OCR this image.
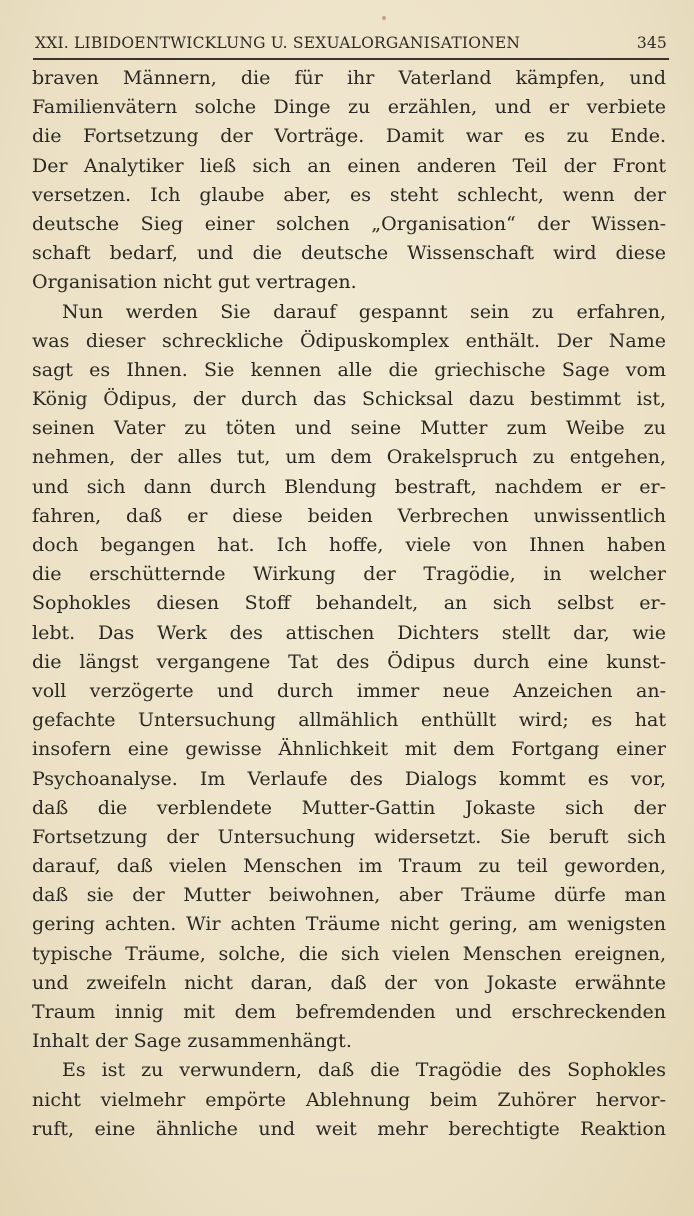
XXI. LIBIDOENTWICKLUNG U. SEXUALORGANISATIONEN	345
braven Männern, die für ihr Vaterland kämpfen, und
Familienvätern solche Dinge zu erzählen, und er verbiete
die Fortsetzung der Vorträge. Damit war es zu Ende.
Der Analytiker ließ sich an einen anderen Teil der Front
versetzen. Ich glaube aber, es steht schlecht, wenn der
deutsche Sieg einer solchen „Organisation“ der Wissen-
schaft bedarf, und die deutsche Wissenschaft wird diese
Organisation nicht gut vertragen.
Nun werden Sie darauf gespannt sein zu erfahren,
was dieser schreckliche Ödipuskomplex enthält. Der Name
sagt es Ihnen. Sie kennen alle die griechische Sage vom
König Ödipus, der durch das Schicksal dazu bestimmt ist,
seinen Vater zu töten und seine Mutter zum Weibe zu
nehmen, der alles tut, um dem Orakelspruch zu entgehen,
und sich dann durch Blendung bestraft, nachdem er er-
fahren, daß er diese beiden Verbrechen unwissentlich
doch begangen hat. Ich hoffe, viele von Ihnen haben
die erschütternde Wirkung der Tragödie, in welcher
Sophokles diesen Stoff behandelt, an sich selbst er-
lebt. Das Werk des attischen Dichters stellt dar, wie
die längst vergangene Tat des Ödipus durch eine kunst-
voll verzögerte und durch immer neue Anzeichen an-
gefachte Untersuchung allmählich enthüllt wird; es hat
insofern eine gewisse Ähnlichkeit mit dem Fortgang einer
Psychoanalyse. Im Verlaufe des Dialogs kommt es vor,
daß die verblendete Mutter-Gattin Jokaste sich der
Fortsetzung der Untersuchung widersetzt. Sie beruft sich
darauf, daß vielen Menschen im Traum zu teil geworden,
daß sie der Mutter beiwohnen, aber Träume dürfe man
gering achten. Wir achten Träume nicht gering, am wenigsten
typische Träume, solche, die sich vielen Menschen ereignen,
und zweifeln nicht daran, daß der von Jokaste erwähnte
Traum innig mit dem befremdenden und erschreckenden
Inhalt der Sage zusammenhängt.
Es ist zu verwundern, daß die Tragödie des Sophokles
nicht vielmehr empörte Ablehnung beim Zuhörer hervor-
ruft, eine ähnliche und weit mehr berechtigte Reaktion
